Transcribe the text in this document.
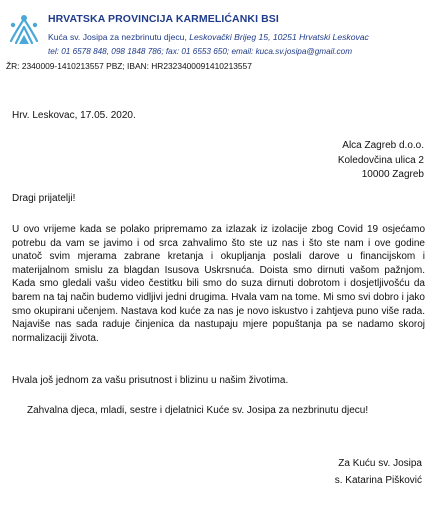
HRVATSKA PROVINCIJA KARMELIĆANKI BSI
Kuća sv. Josipa za nezbrinutu djecu, Leskovački Brijeg 15, 10251 Hrvatski Leskovac
tel: 01 6578 848, 098 1848 786; fax: 01 6553 650; email: kuca.sv.josipa@gmail.com
ŽR: 2340009-1410213557 PBZ; IBAN: HR2323400091410213557
Hrv. Leskovac, 17.05. 2020.
Alca Zagreb d.o.o.
Koledovčina ulica 2
10000 Zagreb
Dragi prijatelji!
U ovo vrijeme kada se polako pripremamo za izlazak iz izolacije zbog Covid 19 osjećamo potrebu da vam se javimo i od srca zahvalimo što ste uz nas i što ste nam i ove godine unatoč svim mjerama zabrane kretanja i okupljanja poslali darove u financijskom i materijalnom smislu za blagdan Isusova Uskrsnuća. Doista smo dirnuti vašom pažnjom. Kada smo gledali vašu video čestitku bili smo do suza dirnuti dobrotom i dosjetljivošću da barem na taj način budemo vidljivi jedni drugima. Hvala vam na tome. Mi smo svi dobro i jako smo okupirani učenjem. Nastava kod kuće za nas je novo iskustvo i zahtjeva puno više rada. Najaviše nas sada raduje činjenica da nastupaju mjere popuštanja pa se nadamo skoroj normalizaciji života.
Hvala još jednom za vašu prisutnost i blizinu u našim životima.
Zahvalna djeca, mladi, sestre i djelatnici Kuće sv. Josipa za nezbrinutu djecu!
Za Kuću sv. Josipa
s. Katarina Pišković
